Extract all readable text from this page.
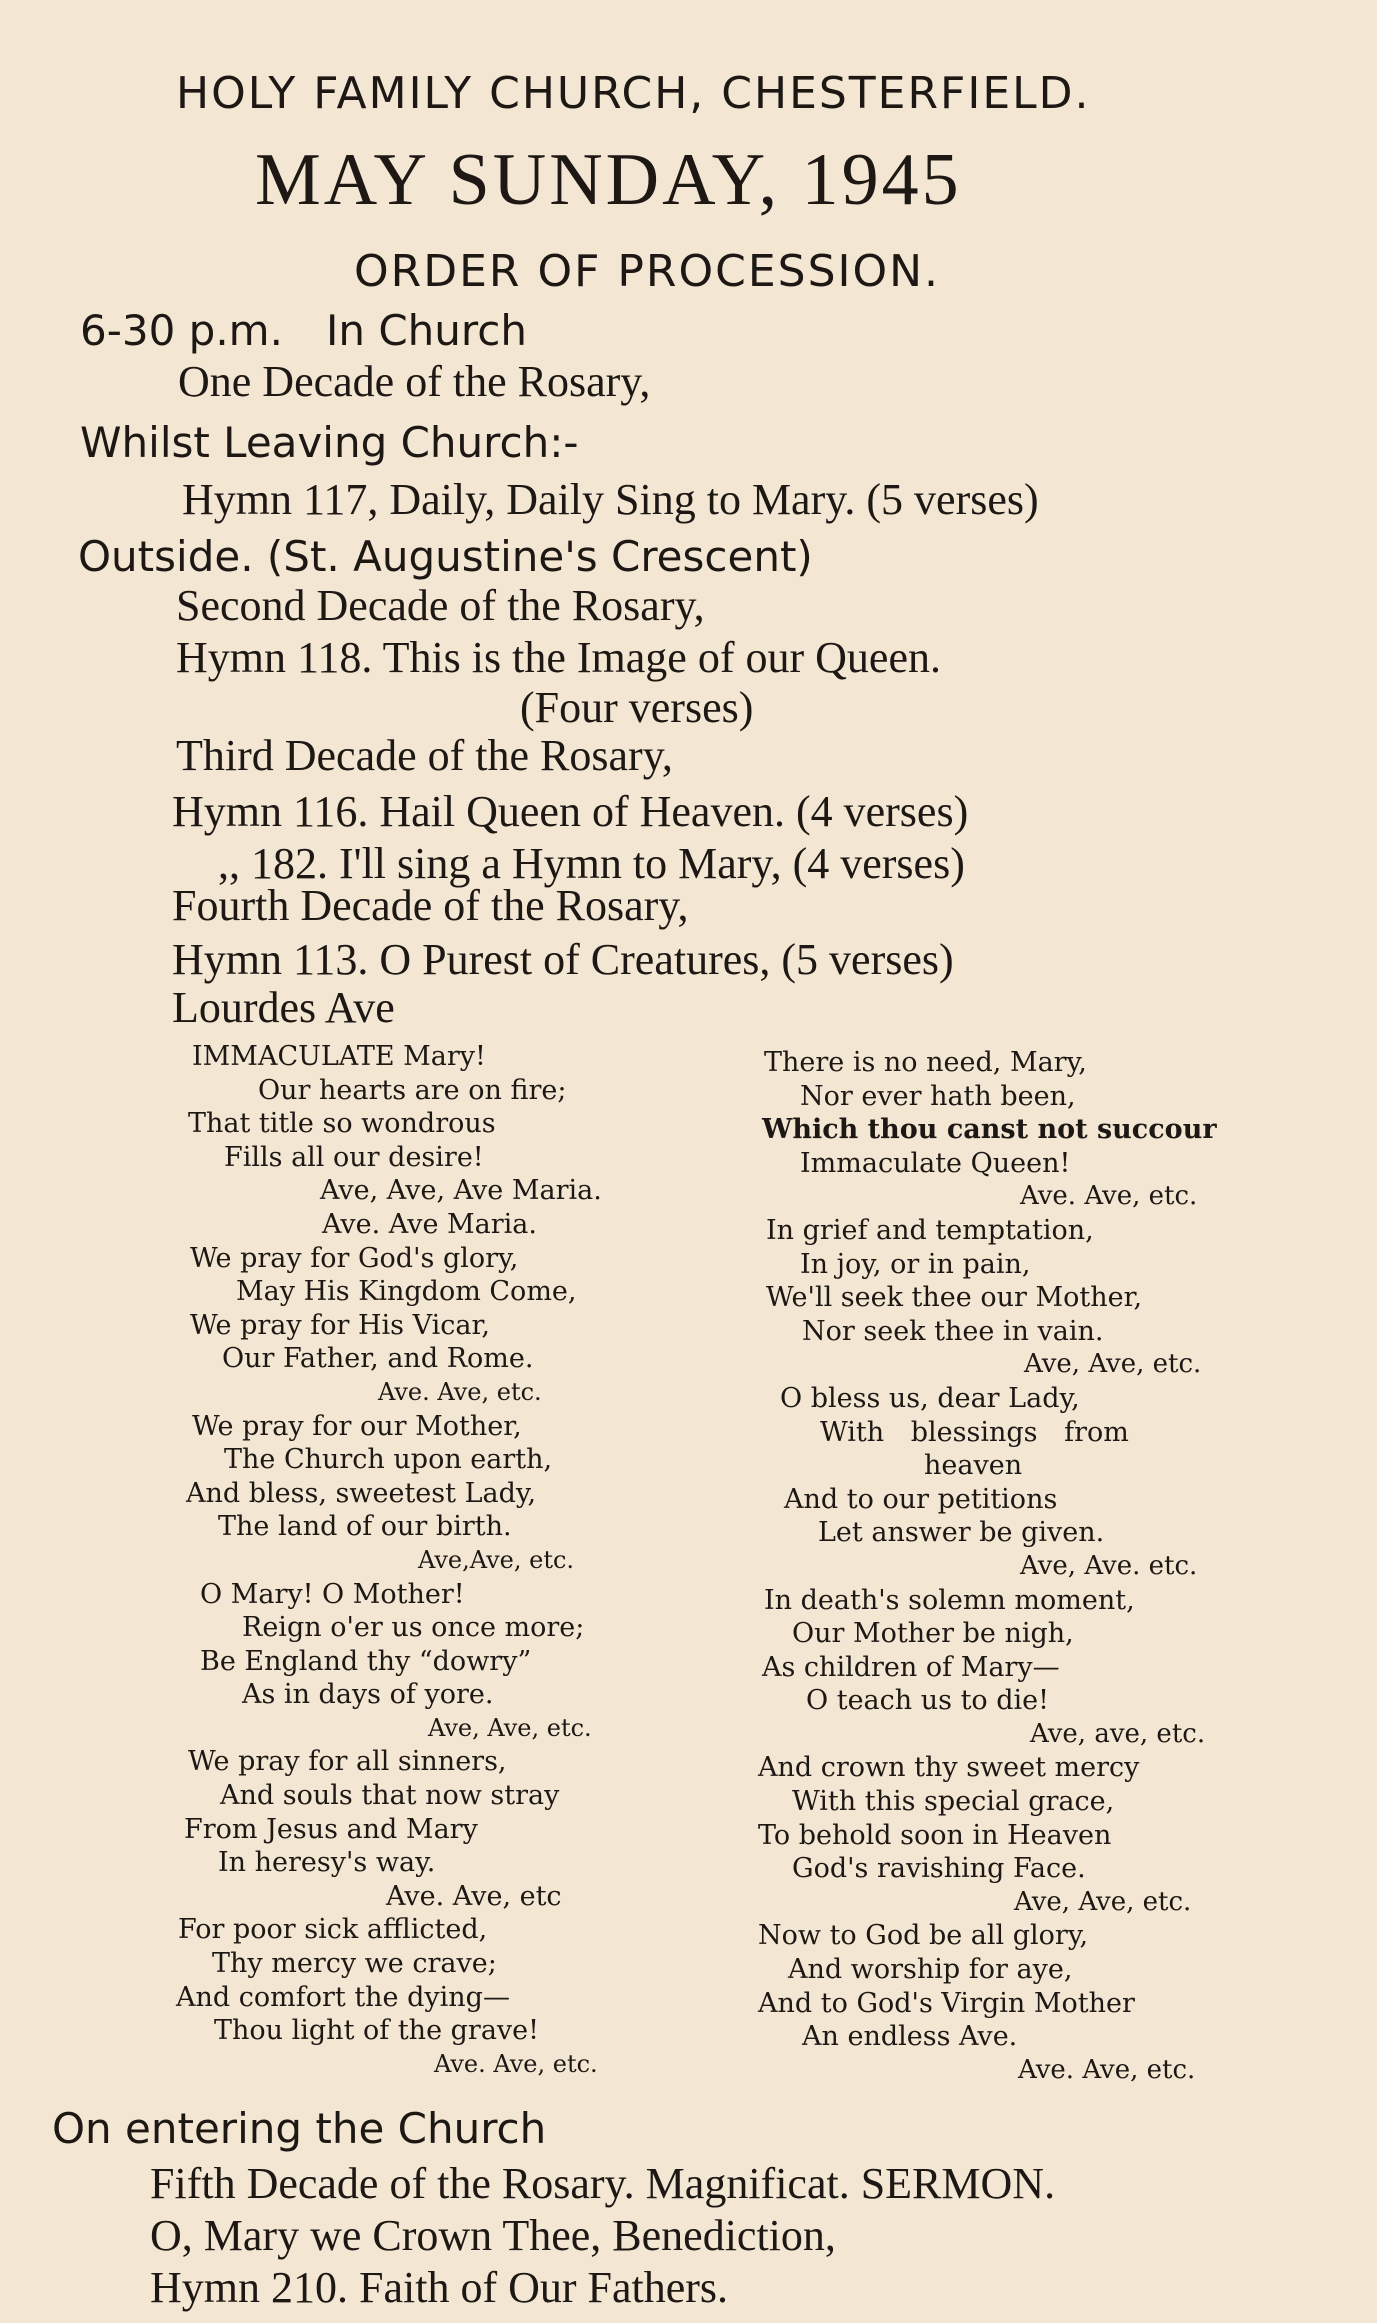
HOLY FAMILY CHURCH, CHESTERFIELD.
MAY SUNDAY, 1945
ORDER OF PROCESSION.
6-30 p.m. In Church
One Decade of the Rosary,
Whilst Leaving Church:-
Hymn 117, Daily, Daily Sing to Mary. (5 verses)
Outside. (St. Augustine's Crescent)
Second Decade of the Rosary,
Hymn 118. This is the Image of our Queen.
(Four verses)
Third Decade of the Rosary,
Hymn 116. Hail Queen of Heaven. (4 verses)
,, 182. I'll sing a Hymn to Mary, (4 verses)
Fourth Decade of the Rosary,
Hymn 113. O Purest of Creatures, (5 verses)
Lourdes Ave
IMMACULATE Mary!
Our hearts are on fire;
That title so wondrous
Fills all our desire!
Ave, Ave, Ave Maria.
Ave. Ave Maria.
We pray for God's glory,
May His Kingdom Come,
We pray for His Vicar,
Our Father, and Rome.
Ave. Ave, etc.
We pray for our Mother,
The Church upon earth,
And bless, sweetest Lady,
The land of our birth.
Ave,Ave, etc.
O Mary! O Mother!
Reign o'er us once more;
Be England thy “dowry”
As in days of yore.
Ave, Ave, etc.
We pray for all sinners,
And souls that now stray
From Jesus and Mary
In heresy's way.
Ave. Ave, etc
For poor sick afflicted,
Thy mercy we crave;
And comfort the dying—
Thou light of the grave!
Ave. Ave, etc.
There is no need, Mary,
Nor ever hath been,
Which thou canst not succour
Immaculate Queen!
Ave. Ave, etc.
In grief and temptation,
In joy, or in pain,
We'll seek thee our Mother,
Nor seek thee in vain.
Ave, Ave, etc.
O bless us, dear Lady,
With blessings from
heaven
And to our petitions
Let answer be given.
Ave, Ave. etc.
In death's solemn moment,
Our Mother be nigh,
As children of Mary—
O teach us to die!
Ave, ave, etc.
And crown thy sweet mercy
With this special grace,
To behold soon in Heaven
God's ravishing Face.
Ave, Ave, etc.
Now to God be all glory,
And worship for aye,
And to God's Virgin Mother
An endless Ave.
Ave. Ave, etc.
On entering the Church
Fifth Decade of the Rosary. Magnificat. SERMON.
O, Mary we Crown Thee, Benediction,
Hymn 210. Faith of Our Fathers.
